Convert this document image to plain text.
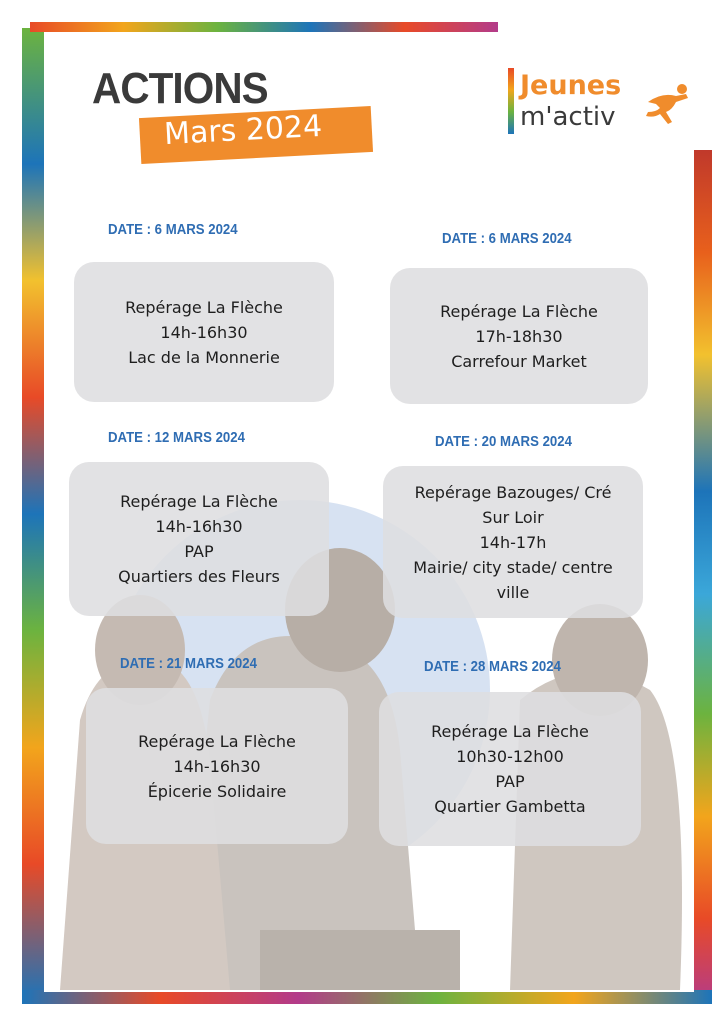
ACTIONS
Mars 2024
Jeunes
m'activ
DATE : 6 MARS 2024
Repérage La Flèche
14h-16h30
Lac de la Monnerie
DATE : 6 MARS 2024
Repérage La Flèche
17h-18h30
Carrefour Market
DATE : 12 MARS 2024
Repérage La Flèche
14h-16h30
PAP
Quartiers des Fleurs
DATE : 20 MARS 2024
Repérage Bazouges/ Cré
Sur Loir
14h-17h
Mairie/ city stade/ centre
ville
DATE : 21 MARS 2024
Repérage La Flèche
14h-16h30
Épicerie Solidaire
DATE : 28 MARS 2024
Repérage La Flèche
10h30-12h00
PAP
Quartier Gambetta
